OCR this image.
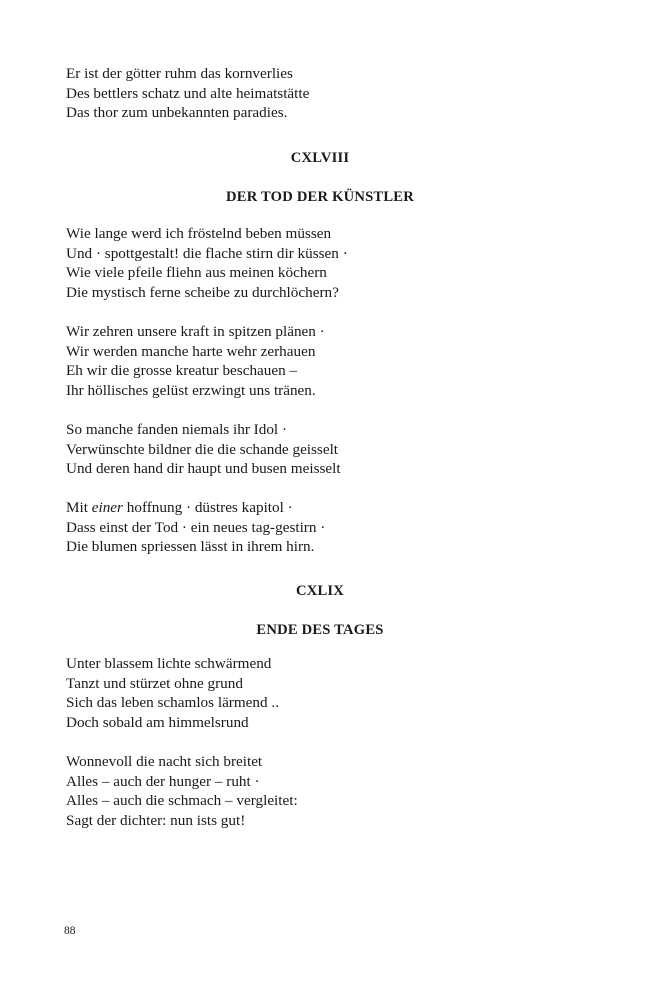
Er ist der götter ruhm das kornverlies
Des bettlers schatz und alte heimatstätte
Das thor zum unbekannten paradies.
CXLVIII
DER TOD DER KÜNSTLER
Wie lange werd ich fröstelnd beben müssen
Und · spottgestalt! die flache stirn dir küssen ·
Wie viele pfeile fliehn aus meinen köchern
Die mystisch ferne scheibe zu durchlöchern?
Wir zehren unsere kraft in spitzen plänen ·
Wir werden manche harte wehr zerhauen
Eh wir die grosse kreatur beschauen –
Ihr höllisches gelüst erzwingt uns tränen.
So manche fanden niemals ihr Idol ·
Verwünschte bildner die die schande geisselt
Und deren hand dir haupt und busen meisselt
Mit einer hoffnung · düstres kapitol ·
Dass einst der Tod · ein neues tag-gestirn ·
Die blumen spriessen lässt in ihrem hirn.
CXLIX
ENDE DES TAGES
Unter blassem lichte schwärmend
Tanzt und stürzet ohne grund
Sich das leben schamlos lärmend ..
Doch sobald am himmelsrund
Wonnevoll die nacht sich breitet
Alles – auch der hunger – ruht ·
Alles – auch die schmach – vergleitet:
Sagt der dichter: nun ists gut!
88
